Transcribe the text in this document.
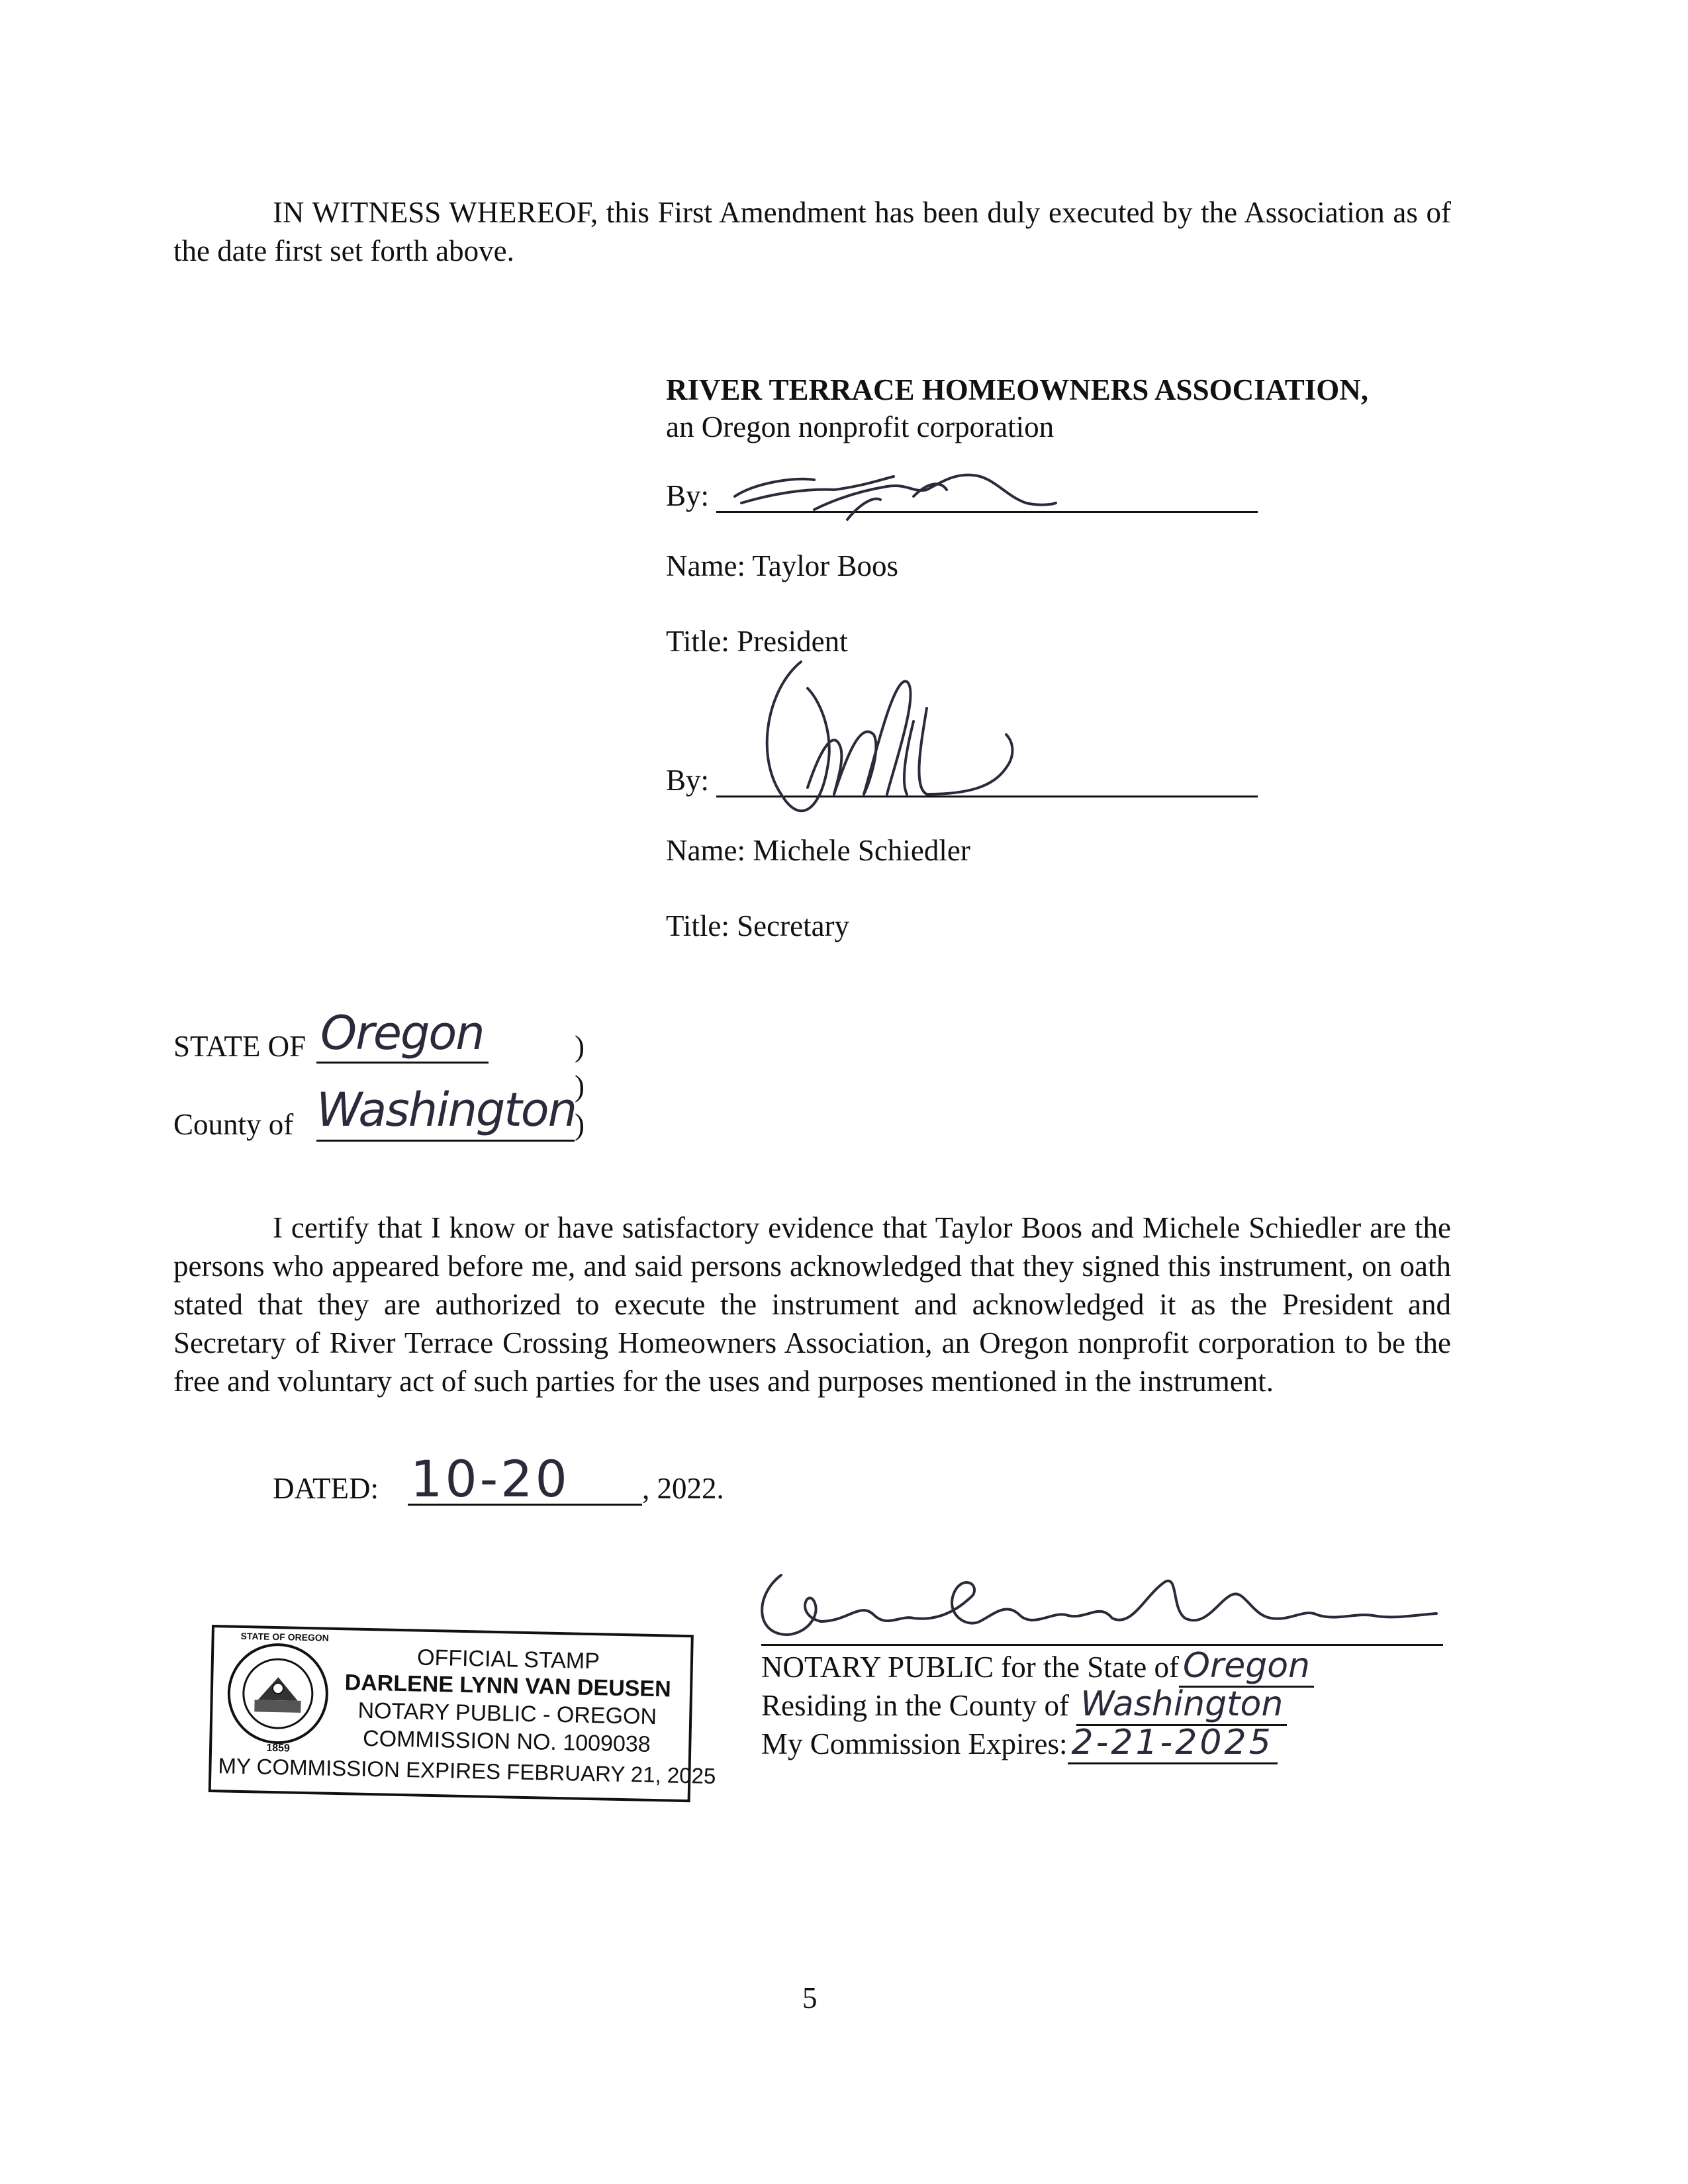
IN WITNESS WHEREOF, this First Amendment has been duly executed by the Association as of the date first set forth above.
RIVER TERRACE HOMEOWNERS ASSOCIATION,
an Oregon nonprofit corporation
By:
Name: Taylor Boos
Title: President
By:
Name: Michele Schiedler
Title: Secretary
STATE OF Oregon	)
)
County of Washington
)
I certify that I know or have satisfactory evidence that Taylor Boos and Michele Schiedler are the persons who appeared before me, and said persons acknowledged that they signed this instrument, on oath stated that they are authorized to execute the instrument and acknowledged it as the President and Secretary of River Terrace Crossing Homeowners Association, an Oregon nonprofit corporation to be the free and voluntary act of such parties for the uses and purposes mentioned in the instrument.
DATED: 10-20 , 2022.
STATE OF OREGON
1859
OFFICIAL STAMP
DARLENE LYNN VAN DEUSEN
NOTARY PUBLIC - OREGON
COMMISSION NO. 1009038
MY COMMISSION EXPIRES FEBRUARY 21, 2025
NOTARY PUBLIC for the State of Oregon
Residing in the County of Washington
My Commission Expires: 2-21-2025
5
